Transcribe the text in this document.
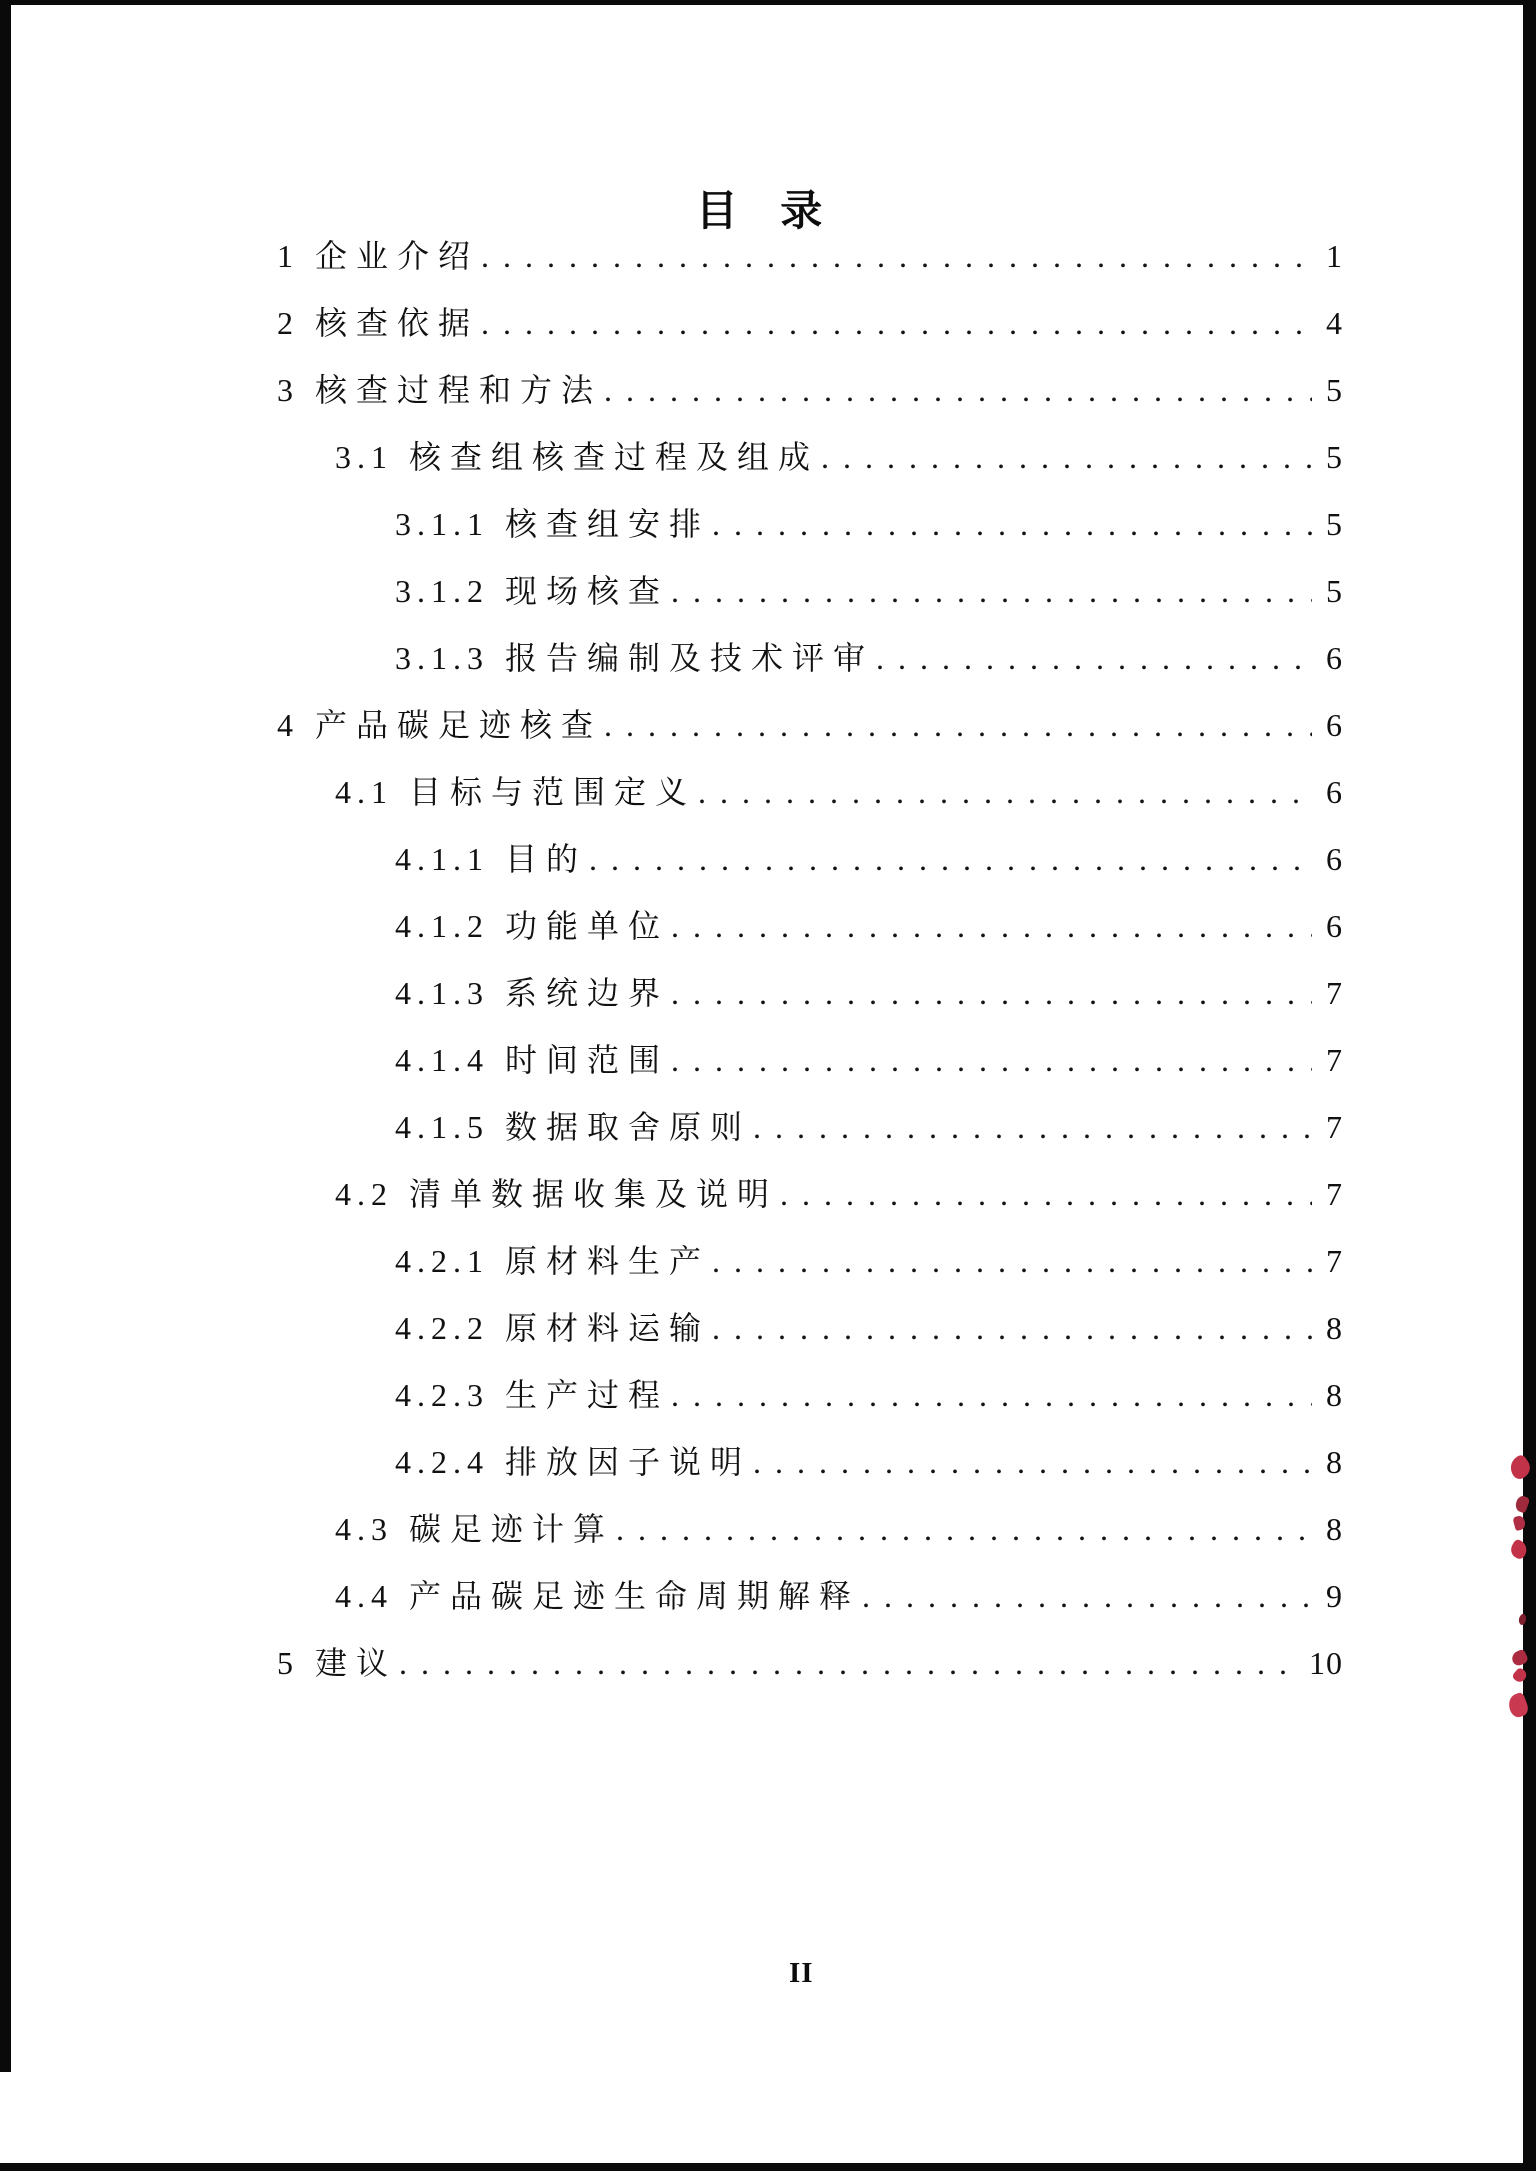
目 录
1 企业介绍 .....	1
2 核查依据 .....	4
3 核查过程和方法 .....	5
3.1 核查组核查过程及组成 .....	5
3.1.1 核查组安排 .....	5
3.1.2 现场核查 .....	5
3.1.3 报告编制及技术评审 .....	6
4 产品碳足迹核查 .....	6
4.1 目标与范围定义 .....	6
4.1.1 目的 .....	6
4.1.2 功能单位 .....	6
4.1.3 系统边界 .....	7
4.1.4 时间范围 .....	7
4.1.5 数据取舍原则 .....	7
4.2 清单数据收集及说明 .....	7
4.2.1 原材料生产 .....	7
4.2.2 原材料运输 .....	8
4.2.3 生产过程 .....	8
4.2.4 排放因子说明 .....	8
4.3 碳足迹计算 .....	8
4.4 产品碳足迹生命周期解释 .....	9
5 建议 .....	10
II
